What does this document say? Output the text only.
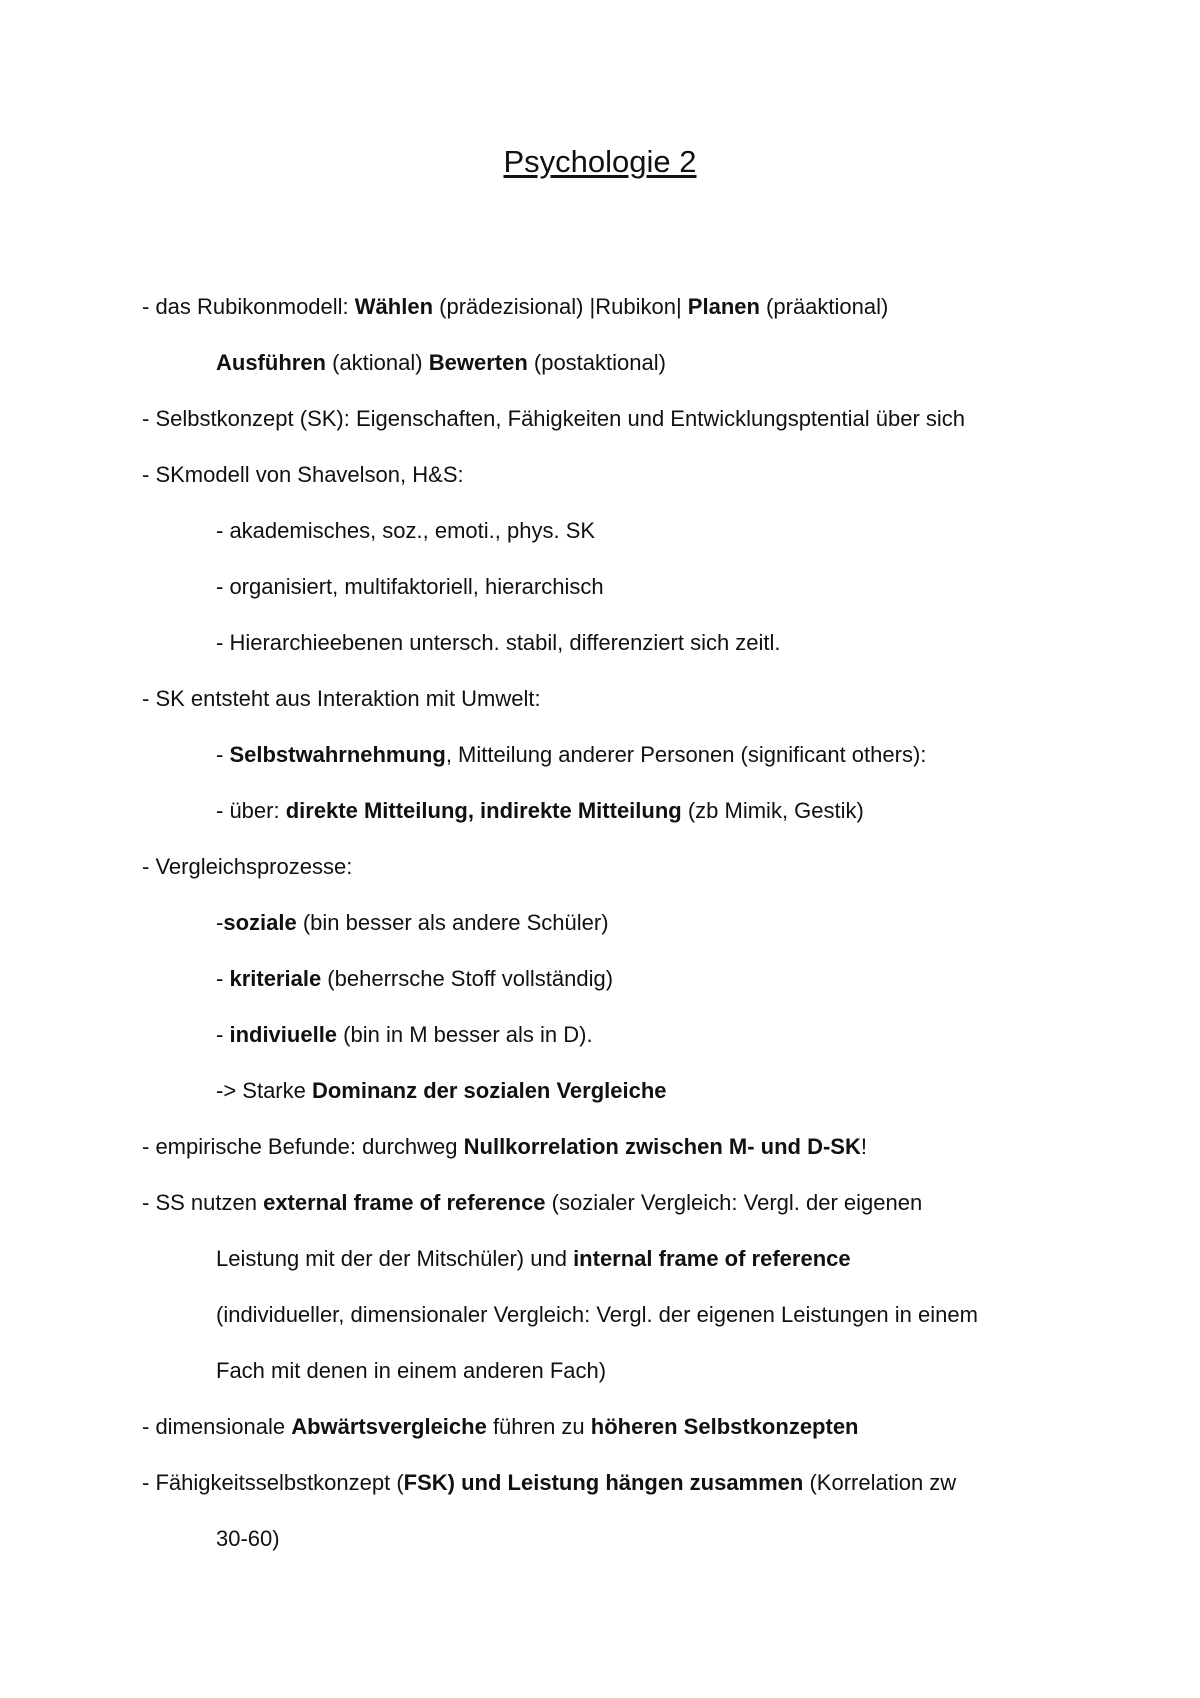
Psychologie 2
- das Rubikonmodell: Wählen (prädezisional) |Rubikon| Planen (präaktional)
Ausführen (aktional) Bewerten (postaktional)
- Selbstkonzept (SK): Eigenschaften, Fähigkeiten und Entwicklungsptential über sich
- SKmodell von Shavelson, H&S:
- akademisches, soz., emoti., phys. SK
- organisiert, multifaktoriell, hierarchisch
- Hierarchieebenen untersch. stabil, differenziert sich zeitl.
- SK entsteht aus Interaktion mit Umwelt:
- Selbstwahrnehmung, Mitteilung anderer Personen (significant others):
- über: direkte Mitteilung, indirekte Mitteilung (zb Mimik, Gestik)
- Vergleichsprozesse:
-soziale (bin besser als andere Schüler)
- kriteriale (beherrsche Stoff vollständig)
- indiviuelle (bin in M besser als in D).
-> Starke Dominanz der sozialen Vergleiche
- empirische Befunde: durchweg Nullkorrelation zwischen M- und D-SK!
- SS nutzen external frame of reference (sozialer Vergleich: Vergl. der eigenen
Leistung mit der der Mitschüler) und internal frame of reference
(individueller, dimensionaler Vergleich: Vergl. der eigenen Leistungen in einem
Fach mit denen in einem anderen Fach)
- dimensionale Abwärtsvergleiche führen zu höheren Selbstkonzepten
- Fähigkeitsselbstkonzept (FSK) und Leistung hängen zusammen (Korrelation zw
30-60)
